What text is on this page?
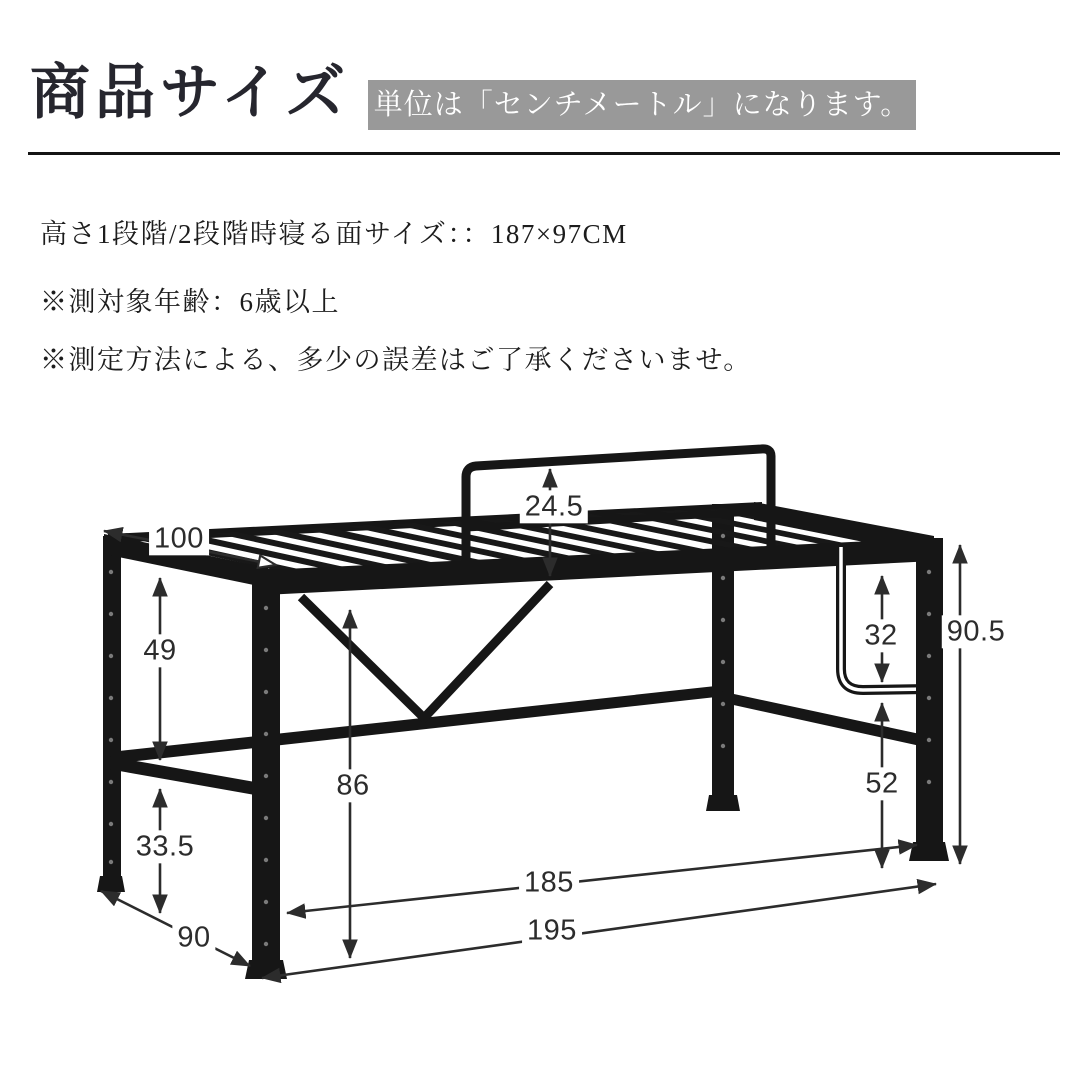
商品サイズ 単位は「センチメートル」になります。

高さ1段階/2段階時寝る面サイズ：：187×97CM

※測対象年齢：6歳以上

※測定方法による、多少の誤差はご了承くださいませ。

24.5
100
49
33.5
86
32
52
90.5
185
195
90
